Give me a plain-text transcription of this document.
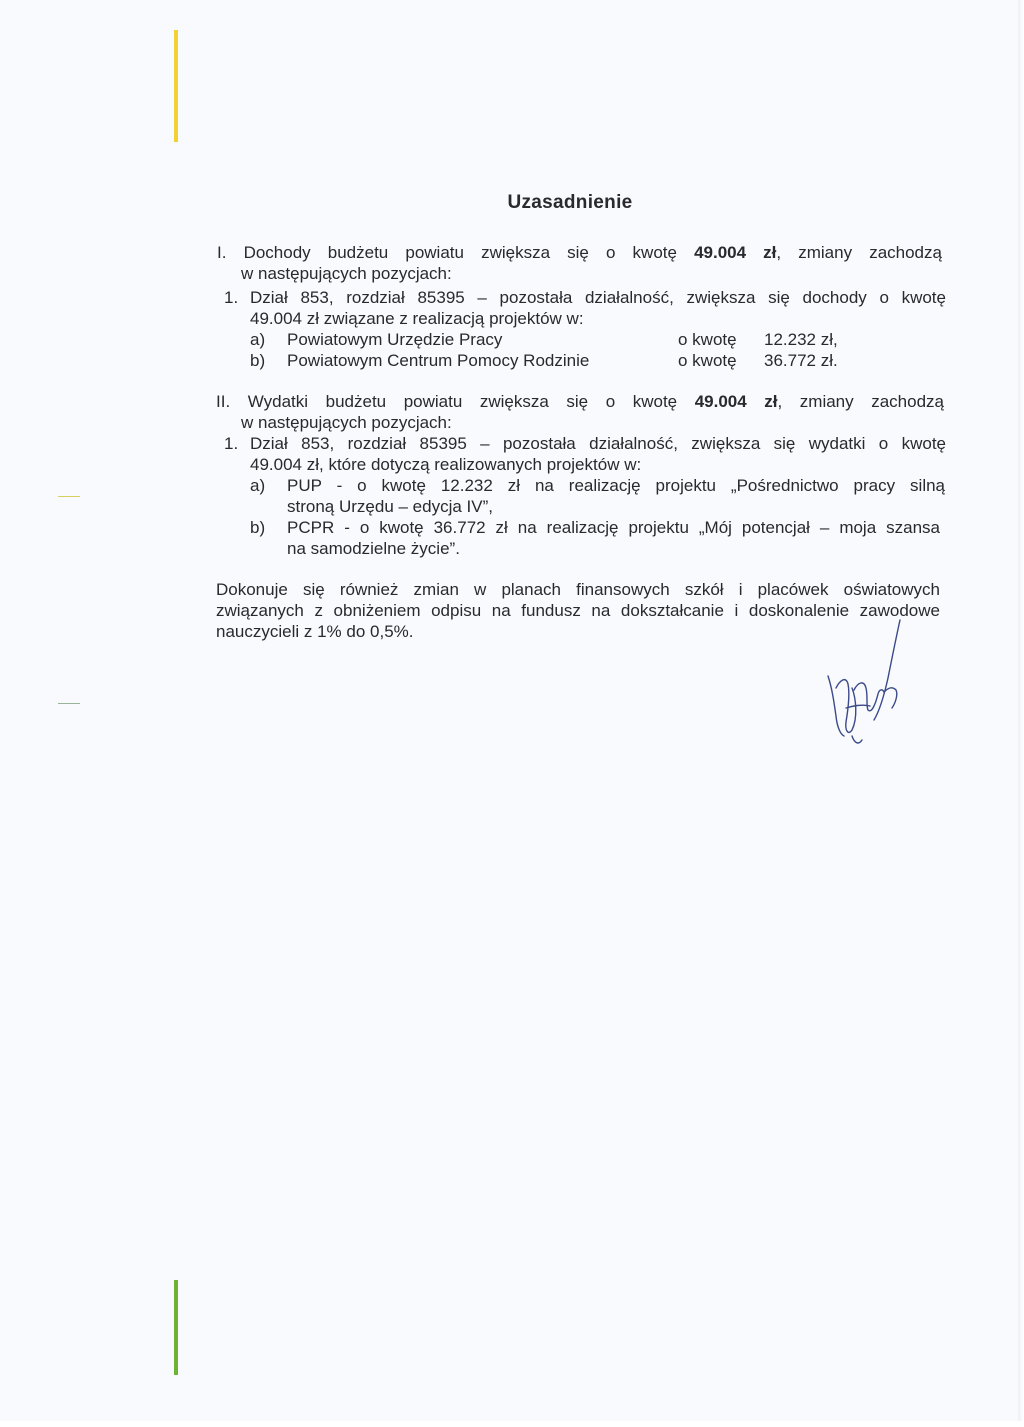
Uzasadnienie
I. Dochody budżetu powiatu zwiększa się o kwotę 49.004 zł, zmiany zachodzą
w następujących pozycjach:
1. Dział 853, rozdział 85395 – pozostała działalność, zwiększa się dochody o kwotę
49.004 zł związane z realizacją projektów w:
a) Powiatowym Urzędzie Pracy	o kwotę 12.232 zł,
b) Powiatowym Centrum Pomocy Rodzinie	o kwotę 36.772 zł.
II. Wydatki budżetu powiatu zwiększa się o kwotę 49.004 zł, zmiany zachodzą
w następujących pozycjach:
1. Dział 853, rozdział 85395 – pozostała działalność, zwiększa się wydatki o kwotę
49.004 zł, które dotyczą realizowanych projektów w:
a) PUP - o kwotę 12.232 zł na realizację projektu „Pośrednictwo pracy silną
stroną Urzędu – edycja IV”,
b) PCPR - o kwotę 36.772 zł na realizację projektu „Mój potencjał – moja szansa
na samodzielne życie”.
Dokonuje się również zmian w planach finansowych szkół i placówek oświatowych
związanych z obniżeniem odpisu na fundusz na dokształcanie i doskonalenie zawodowe
nauczycieli z 1% do 0,5%.
